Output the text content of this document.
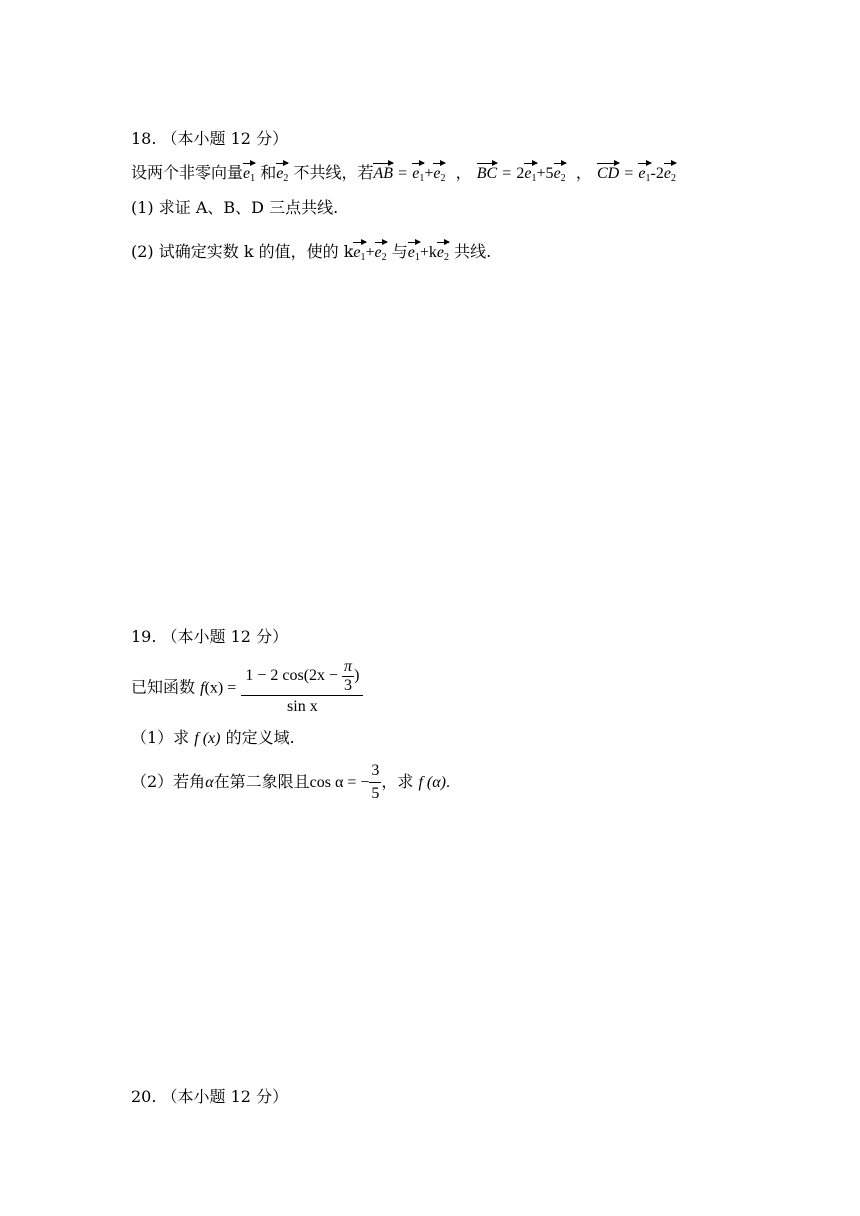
18. （本小题 12 分）
设两个非零向量$e_1$ 和$e_2$ 不共线，若AB = $e_1+e_2$ ， BC = $2e_1+5e_2$ ， CD = $e_1-2e_2$
(1) 求证 A、B、D 三点共线.
(2) 试确定实数 k 的值，使的 $ke_1+e_2$ 与$e_1+ke_2$ 共线.
19. （本小题 12 分）
已知函数 $f(x) = \frac{1 - 2 \cos(2x - \frac{\pi}{3} )}{\text{sin x}}$
（1）求 f (x) 的定义域.
（2）若角α在第二象限且cos α = − $\frac{3}{5}$ ，求 f (α).
20. （本小题 12 分）
